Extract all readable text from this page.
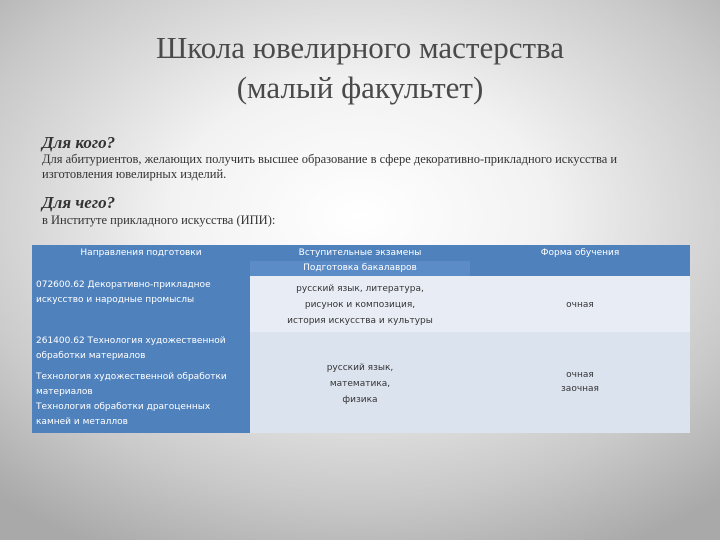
Школа ювелирного мастерства
(малый факультет)
Для кого?
Для абитуриентов, желающих получить высшее образование в сфере декоративно-прикладного искусства и
изготовления ювелирных изделий.
Для чего?
в Институте прикладного искусства (ИПИ):
Направления подготовки	Вступительные экзамены	Форма обучения
Подготовка бакалавров
072600.62 Декоративно-прикладное
искусство и народные промыслы
русский язык, литература,
рисунок и композиция,
история искусства и культуры
очная
261400.62 Технология художественной
обработки материалов
Технология художественной обработки
материалов
Технология обработки драгоценных
камней и металлов
русский язык,
математика,
физика
очная
заочная
